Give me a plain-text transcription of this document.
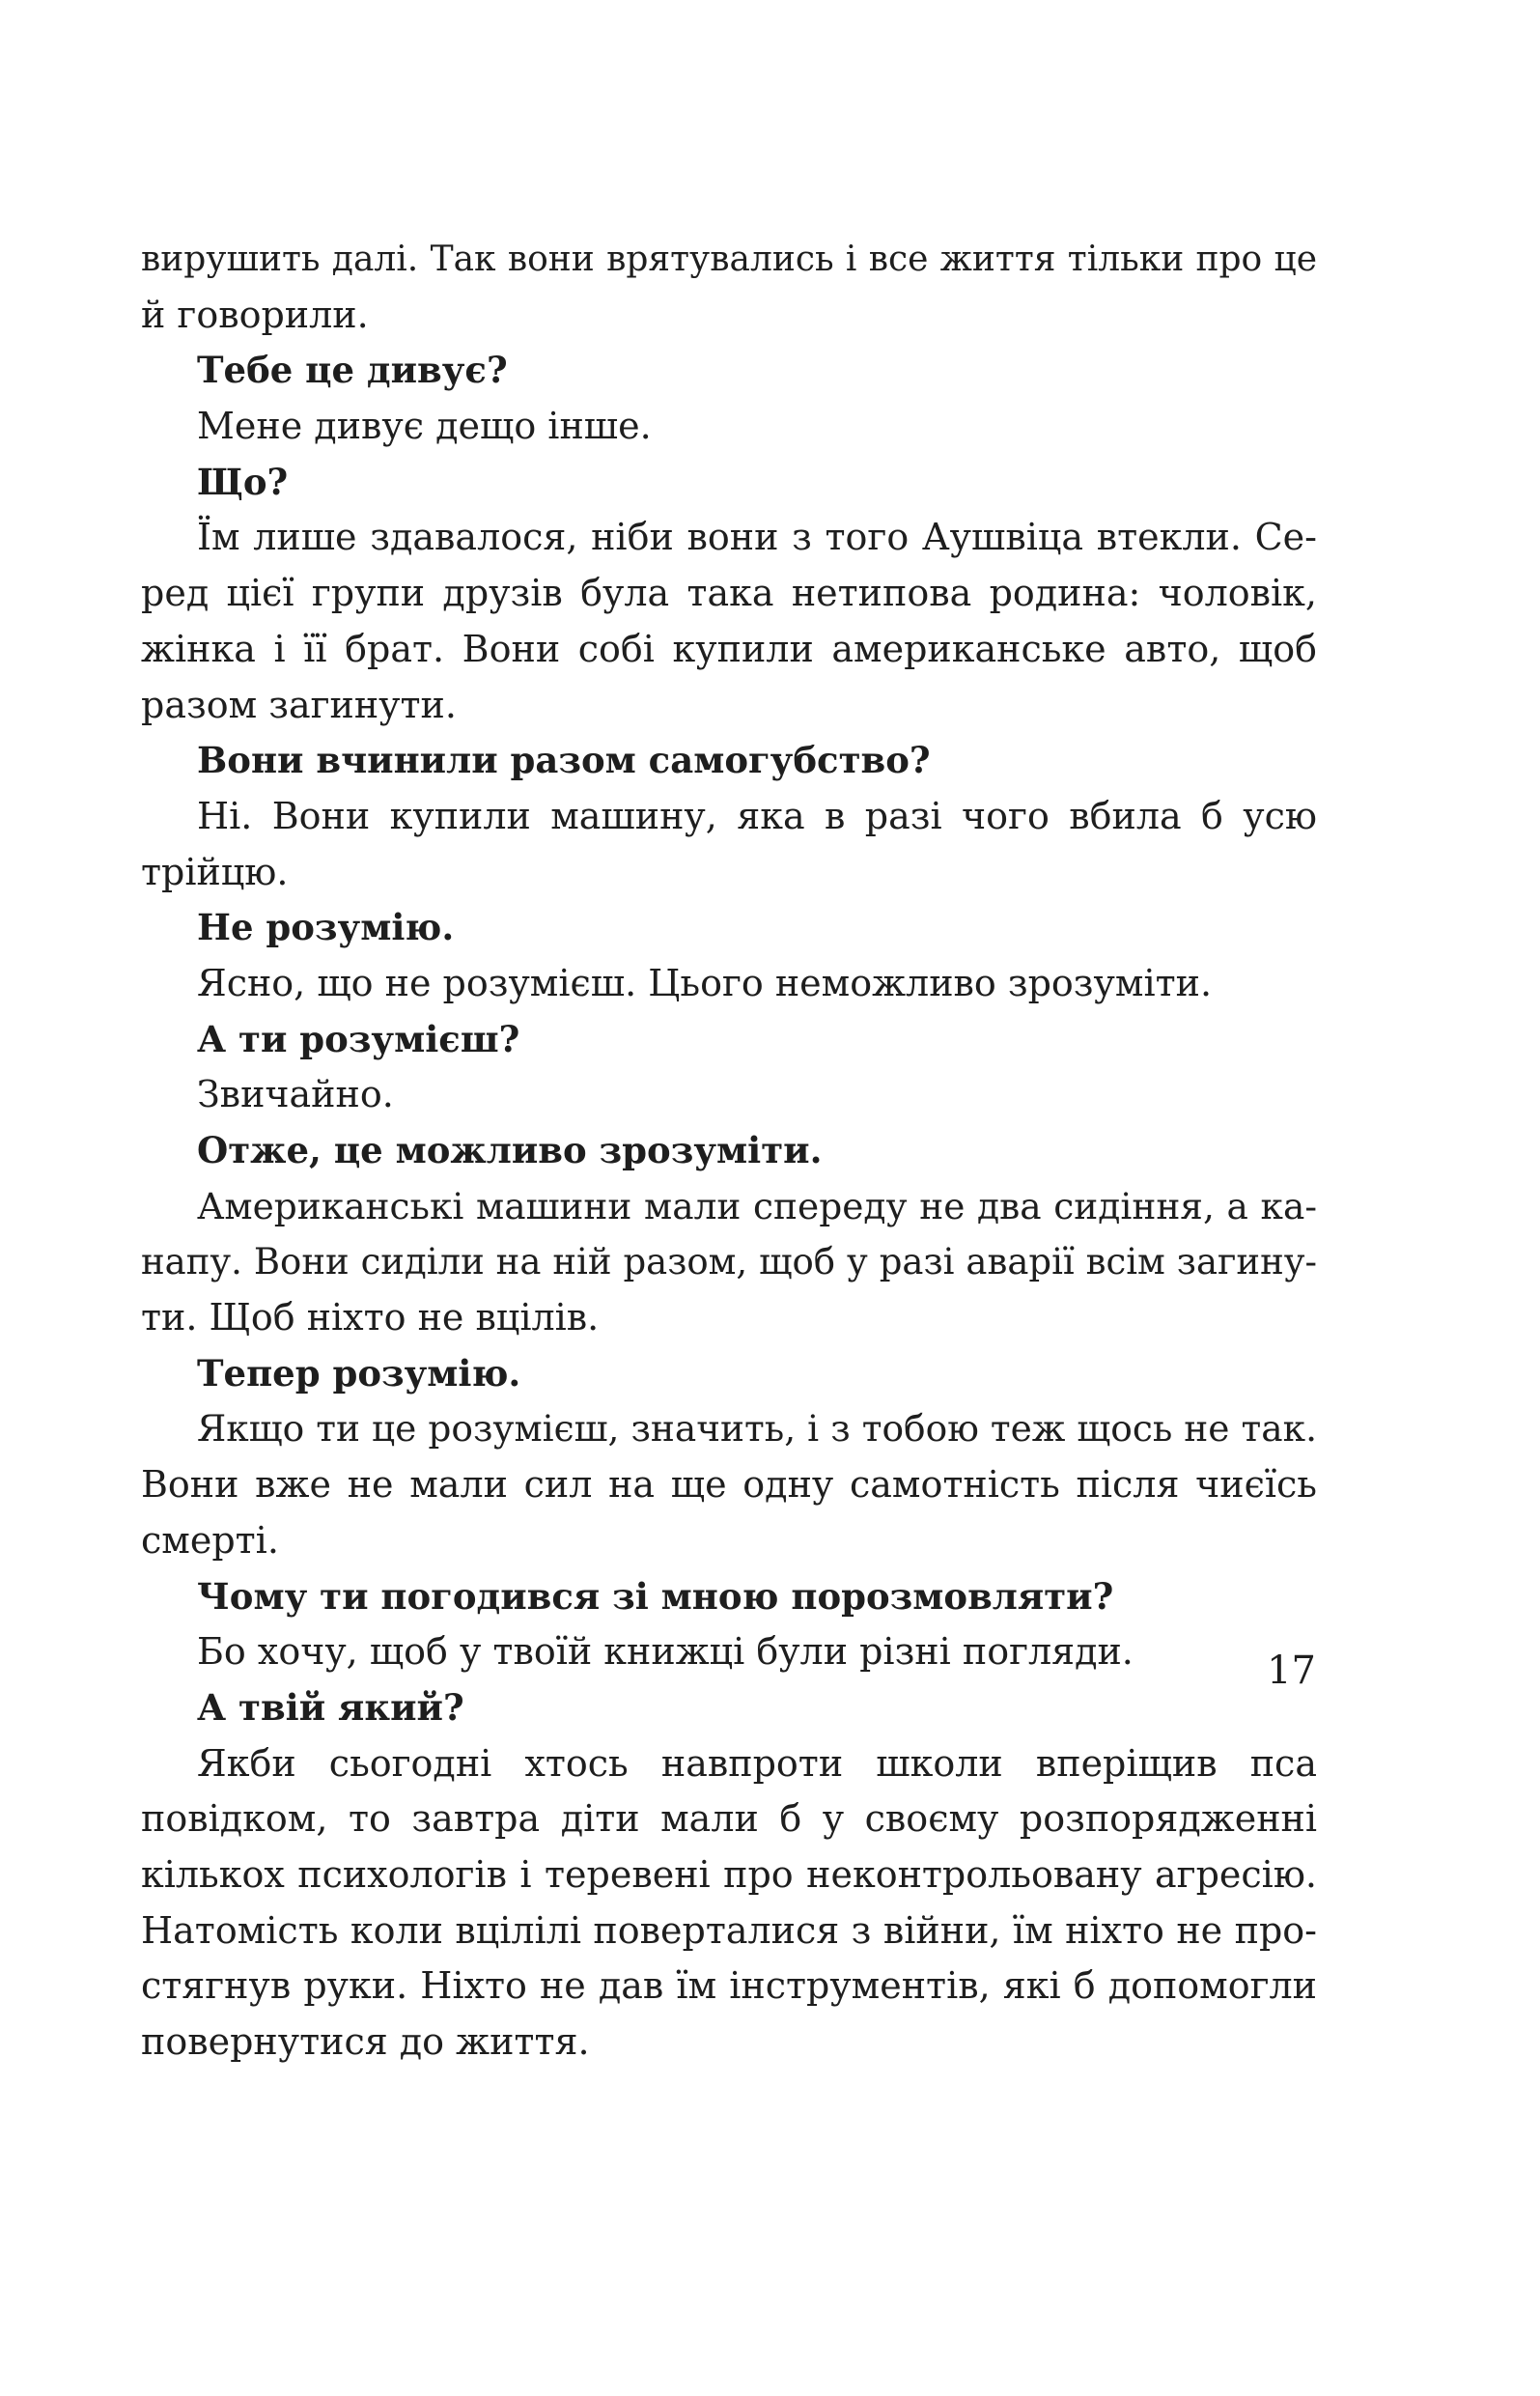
вирушить далі. Так вони врятувались і все життя тільки про це
й говорили.
Тебе це дивує?
Мене дивує дещо інше.
Що?
Їм лише здавалося, ніби вони з того Аушвіца втекли. Се-
ред цієї групи друзів була така нетипова родина: чоловік,
жінка і її брат. Вони собі купили американське авто, щоб
разом загинути.
Вони вчинили разом самогубство?
Ні. Вони купили машину, яка в разі чого вбила б усю
трійцю.
Не розумію.
Ясно, що не розумієш. Цього неможливо зрозуміти.
А ти розумієш?
Звичайно.
Отже, це можливо зрозуміти.
Американські машини мали спереду не два сидіння, а ка-
напу. Вони сиділи на ній разом, щоб у разі аварії всім загину-
ти. Щоб ніхто не вцілів.
Тепер розумію.
Якщо ти це розумієш, значить, і з тобою теж щось не так.
Вони вже не мали сил на ще одну самотність після чиєїсь
смерті.
Чому ти погодився зі мною порозмовляти?
Бо хочу, щоб у твоїй книжці були різні погляди.
А твій який?
Якби сьогодні хтось навпроти школи вперіщив пса
повідком, то завтра діти мали б у своєму розпорядженні
кількох психологів і теревені про неконтрольовану агресію.
Натомість коли вцілілі поверталися з війни, їм ніхто не про-
стягнув руки. Ніхто не дав їм інструментів, які б допомогли
повернутися до життя.
17
